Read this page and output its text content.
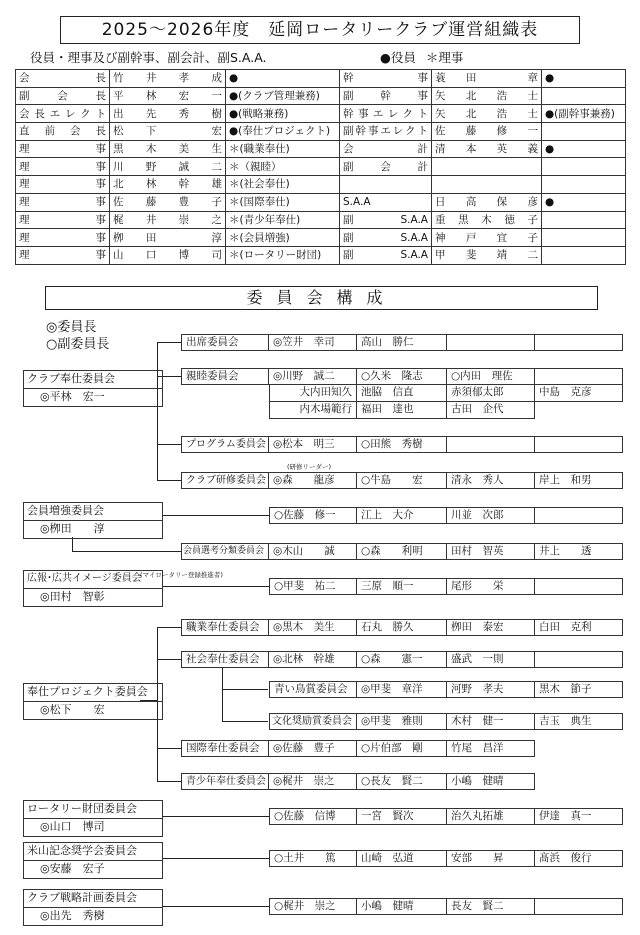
2025〜2026年度　延岡ロータリークラブ運営組織表
役員・理事及び副幹事、副会計、副S.A.A.	●役員 ＊理事
会長	竹井孝成	●	幹事	蓑田　章	●
副会長	平林宏一	●(クラブ管理兼務)	副幹事	矢北浩士	
会長エレクト	出先秀樹	●(戦略兼務)	幹事エレクト	矢北浩士	●(副幹事兼務)
直前会長	松下　宏	●(奉仕プロジェクト)	副幹事エレクト	佐藤修一	
理事	黒木美生	＊(職業奉仕)	会計	清本英義	●
理事	川野誠二	＊（親睦）	副会計		
理事	北林幹雄	＊(社会奉仕)			
理事	佐藤豊子	＊(国際奉仕)	S.A.A	日高保彦	●
理事	梶井崇之	＊(青少年奉仕)	副S.A.A	重黒木徳子	
理事	栁田　淳	＊(会員増強)	副S.A.A	神戸宜子	
理事	山口博司	＊(ロータリー財団)	副S.A.A	甲斐靖二	
委員会構成
◎委員長
○副委員長
クラブ奉仕委員会
◎平林　宏一
会員増強委員会
◎栁田　　淳
広報･広共イメージ委員会
◎田村　智彰
(マイロータリー登録推進者)
奉仕プロジェクト委員会
◎松下　　宏
ロータリー財団委員会
◎山口　博司
米山記念奨学会委員会
◎安藤　宏子
クラブ戦略計画委員会
◎出先　秀樹
出席委員会	◎笠井　幸司	高山　勝仁
親睦委員会	◎川野　誠二	○久米　隆志	○内田　理佐
大内田知久 池脇　信直	赤須郁太郎	中島　克彦
内木場範行 福田　達也	古田　企代
プログラム委員会 ◎松本　明三	○田熊　秀樹
(研修リーダー)
クラブ研修委員会 ◎森　　龍彦	○牛島　　宏	清永　秀人	岸上　和男
○佐藤　修一	江上　大介	川並　次郎
会員選考分類委員会 ◎木山　　誠	○森　　利明	田村　智英	井上　　透
○甲斐　祐二	三原　順一	尾形　　栄
職業奉仕委員会	◎黒木　美生	石丸　勝久	栁田　泰宏	白田　克利
社会奉仕委員会	◎北林　幹雄	○森　　憲一	盛武　一則
青い鳥賞委員会	◎甲斐　章洋	河野　孝夫	黒木　節子
文化奨励賞委員会 ◎甲斐　雅則	木村　健一	吉玉　典生
国際奉仕委員会	◎佐藤　豊子	○片伯部　剛	竹尾　昌洋
青少年奉仕委員会 ◎梶井　崇之	○長友　賢二	小嶋　健晴
○佐藤　信博	一宮　賢次	治久丸拓雄	伊達　真一
○土井　　篤	山崎　弘道	安部　　昇	髙浜　俊行
○梶井　崇之	小嶋　健晴	長友　賢二
